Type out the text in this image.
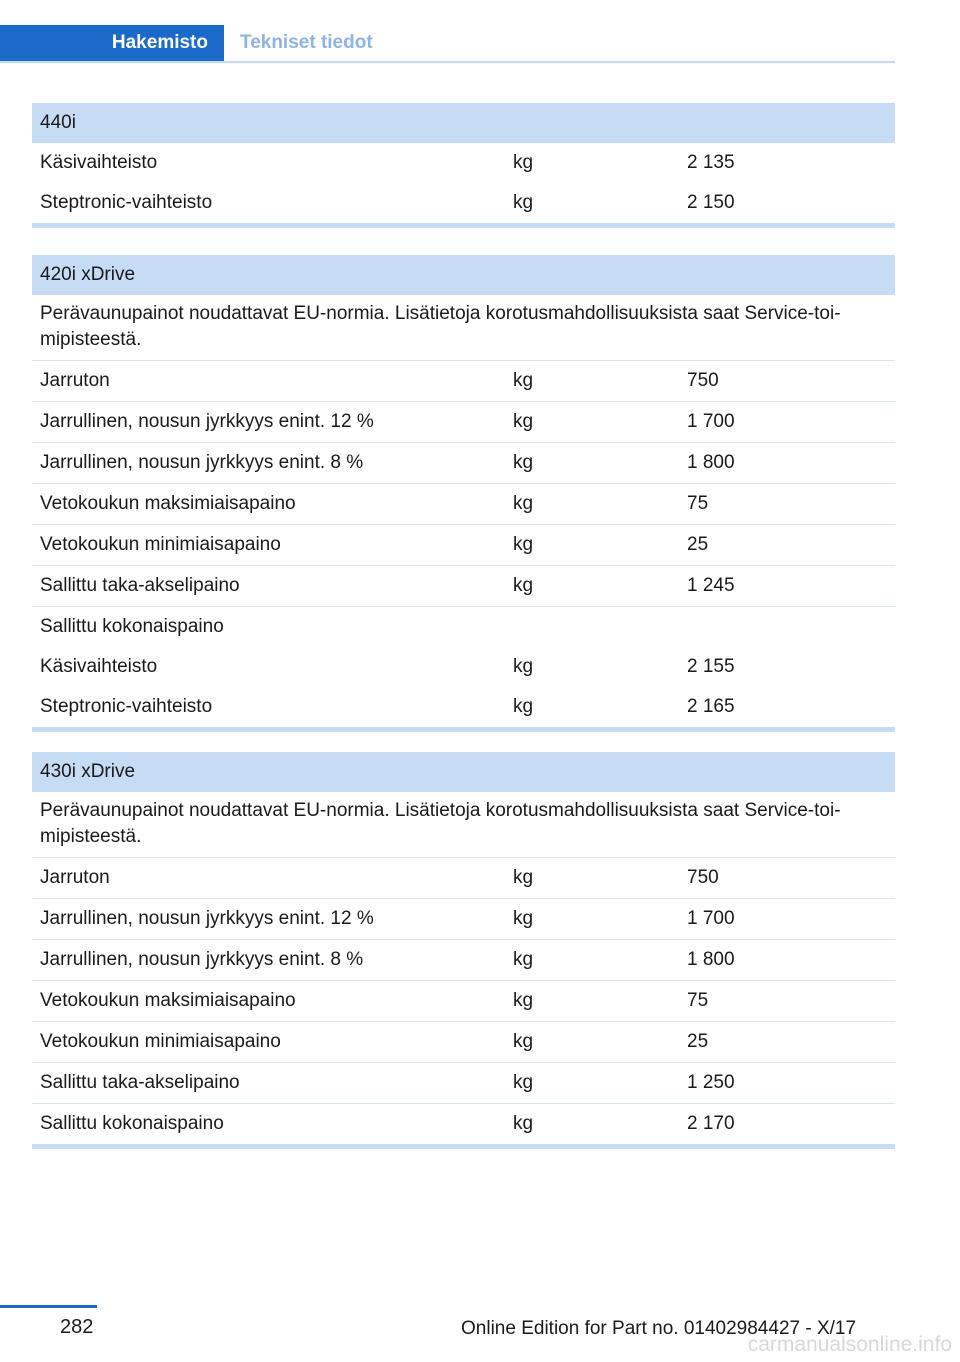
Hakemisto	Tekniset tiedot
440i
Käsivaihteisto	kg	2 135
Steptronic-vaihteisto	kg	2 150
420i xDrive
Perävaunupainot noudattavat EU-normia. Lisätietoja korotusmahdollisuuksista saat Service-toi-mipisteestä.
Jarruton	kg	750
Jarrullinen, nousun jyrkkyys enint. 12 %	kg	1 700
Jarrullinen, nousun jyrkkyys enint. 8 %	kg	1 800
Vetokoukun maksimiaisapaino	kg	75
Vetokoukun minimiaisapaino	kg	25
Sallittu taka-akselipaino	kg	1 245
Sallittu kokonaispaino
Käsivaihteisto	kg	2 155
Steptronic-vaihteisto	kg	2 165
430i xDrive
Perävaunupainot noudattavat EU-normia. Lisätietoja korotusmahdollisuuksista saat Service-toi-mipisteestä.
Jarruton	kg	750
Jarrullinen, nousun jyrkkyys enint. 12 %	kg	1 700
Jarrullinen, nousun jyrkkyys enint. 8 %	kg	1 800
Vetokoukun maksimiaisapaino	kg	75
Vetokoukun minimiaisapaino	kg	25
Sallittu taka-akselipaino	kg	1 250
Sallittu kokonaispaino	kg	2 170
282	Online Edition for Part no. 01402984427 - X/17
carmanualsonline.info
